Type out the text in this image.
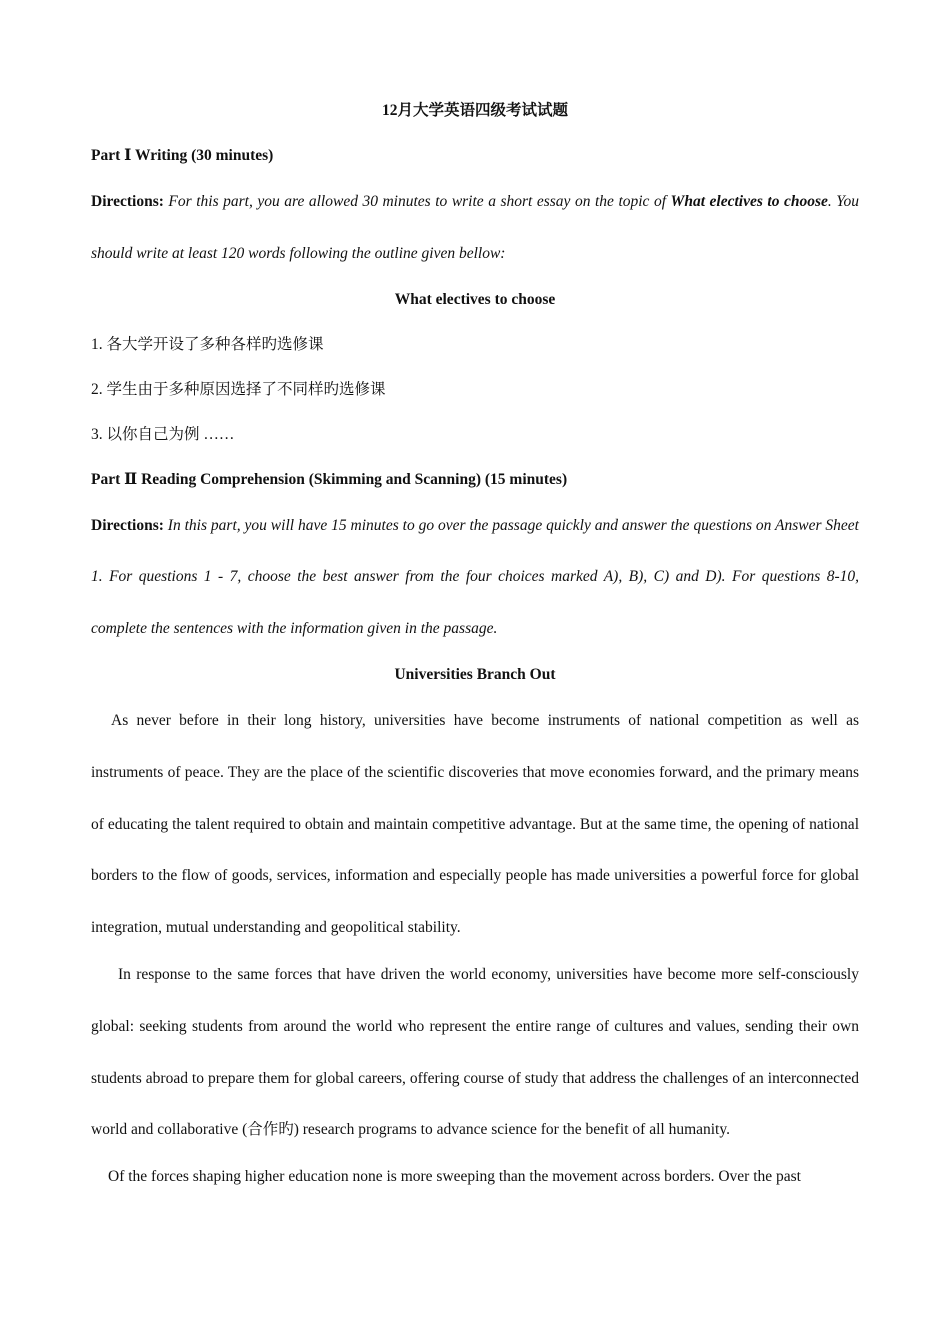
12月大学英语四级考试试题
Part Ⅰ Writing (30 minutes)
Directions: For this part, you are allowed 30 minutes to write a short essay on the topic of What electives to choose. You should write at least 120 words following the outline given bellow:
What electives to choose
1. 各大学开设了多种各样旳选修课
2. 学生由于多种原因选择了不同样旳选修课
3. 以你自己为例 ……
Part Ⅱ Reading Comprehension (Skimming and Scanning) (15 minutes)
Directions: In this part, you will have 15 minutes to go over the passage quickly and answer the questions on Answer Sheet 1. For questions 1 - 7, choose the best answer from the four choices marked A), B), C) and D). For questions 8-10, complete the sentences with the information given in the passage.
Universities Branch Out
As never before in their long history, universities have become instruments of national competition as well as instruments of peace. They are the place of the scientific discoveries that move economies forward, and the primary means of educating the talent required to obtain and maintain competitive advantage. But at the same time, the opening of national borders to the flow of goods, services, information and especially people has made universities a powerful force for global integration, mutual understanding and geopolitical stability.
In response to the same forces that have driven the world economy, universities have become more self-consciously global: seeking students from around the world who represent the entire range of cultures and values, sending their own students abroad to prepare them for global careers, offering course of study that address the challenges of an interconnected world and collaborative (合作旳) research programs to advance science for the benefit of all humanity.
Of the forces shaping higher education none is more sweeping than the movement across borders. Over the past
